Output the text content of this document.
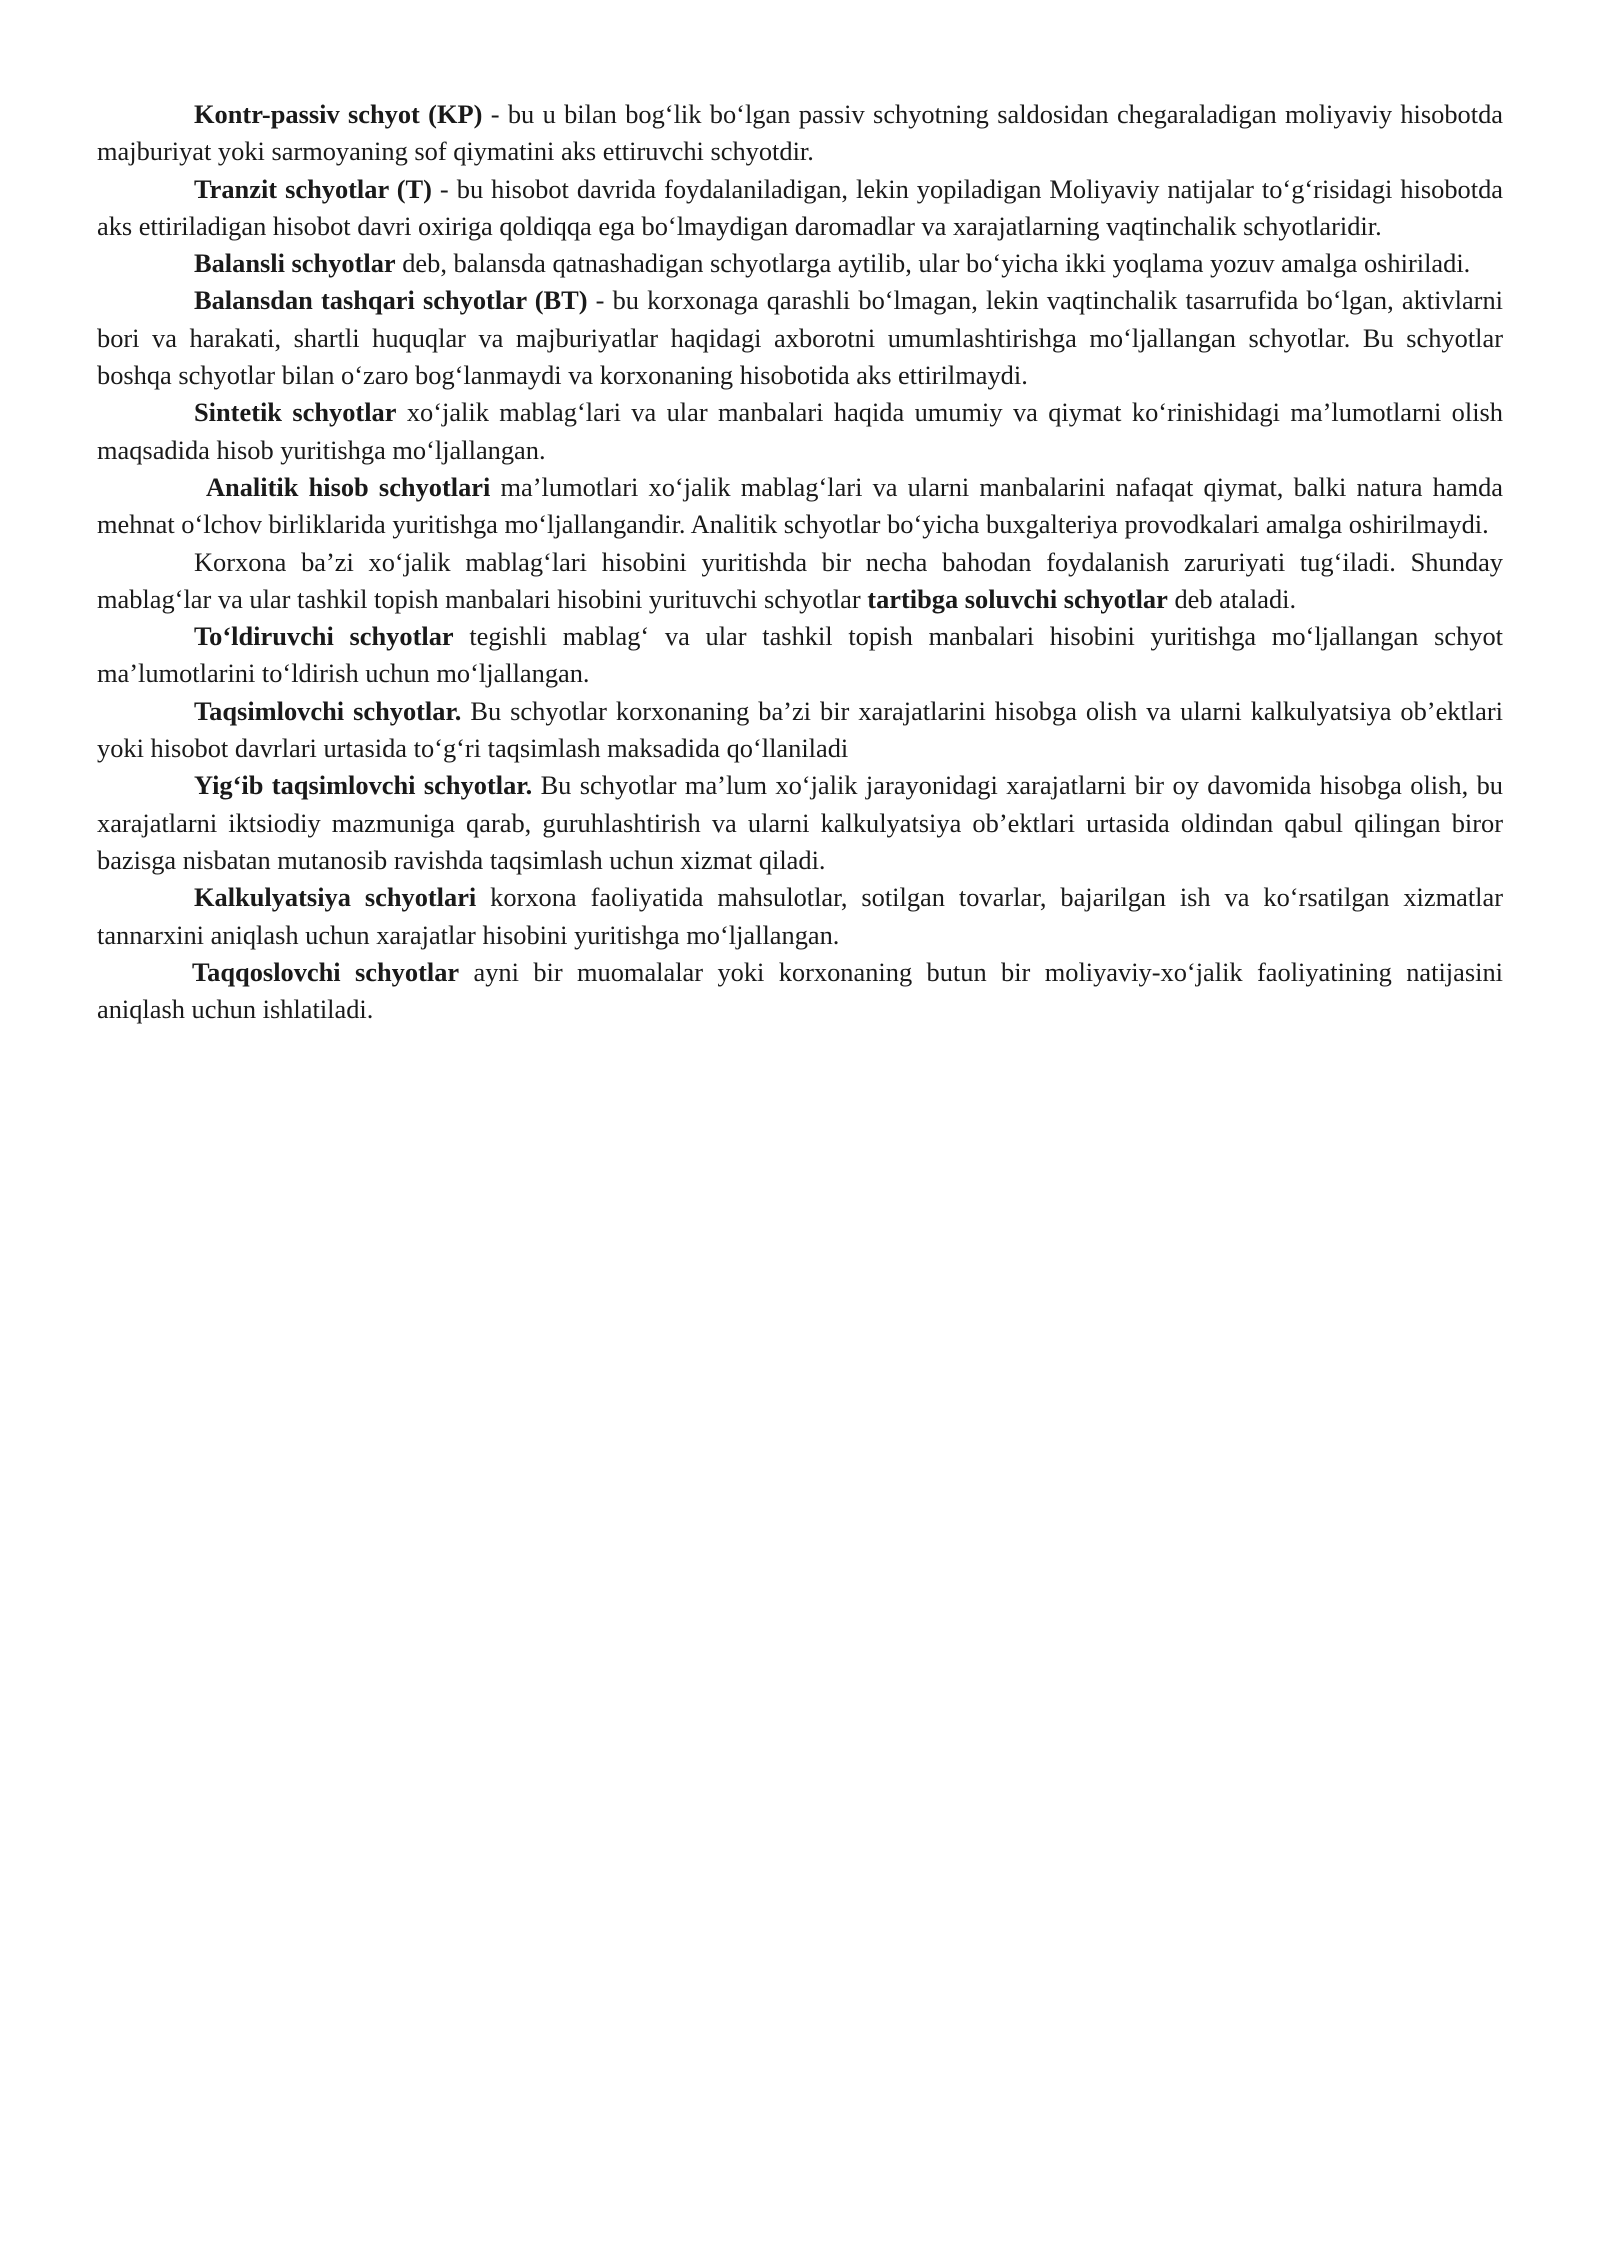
Kontr-passiv schyot (KP) - bu u bilan bog‘lik bo‘lgan passiv schyotning saldosidan chegaraladigan moliyaviy hisobotda majburiyat yoki sarmoyaning sof qiymatini aks ettiruvchi schyotdir.

Tranzit schyotlar (T) - bu hisobot davrida foydalaniladigan, lekin yopiladigan Moliyaviy natijalar to‘g‘risidagi hisobotda aks ettiriladigan hisobot davri oxiriga qoldiqqa ega bo‘lmaydigan daromadlar va xarajatlarning vaqtinchalik schyotlaridir.

Balansli schyotlar deb, balansda qatnashadigan schyotlarga aytilib, ular bo‘yicha ikki yoqlama yozuv amalga oshiriladi.

Balansdan tashqari schyotlar (BT) - bu korxonaga qarashli bo‘lmagan, lekin vaqtinchalik tasarrufida bo‘lgan, aktivlarni bori va harakati, shartli huquqlar va majburiyatlar haqidagi axborotni umumlashtirishga mo‘ljallangan schyotlar. Bu schyotlar boshqa schyotlar bilan o‘zaro bog‘lanmaydi va korxonaning hisobotida aks ettirilmaydi.

Sintetik schyotlar xo‘jalik mablag‘lari va ular manbalari haqida umumiy va qiymat ko‘rinishidagi ma’lumotlarni olish maqsadida hisob yuritishga mo‘ljallangan.

Analitik hisob schyotlari ma’lumotlari xo‘jalik mablag‘lari va ularni manbalarini nafaqat qiymat, balki natura hamda mehnat o‘lchov birliklarida yuritishga mo‘ljallangandir. Analitik schyotlar bo‘yicha buxgalteriya provodkalari amalga oshirilmaydi.

Korxona ba’zi xo‘jalik mablag‘lari hisobini yuritishda bir necha bahodan foydalanish zaruriyati tug‘iladi. Shunday mablag‘lar va ular tashkil topish manbalari hisobini yurituvchi schyotlar tartibga soluvchi schyotlar deb ataladi.

To‘ldiruvchi schyotlar tegishli mablag‘ va ular tashkil topish manbalari hisobini yuritishga mo‘ljallangan schyot ma’lumotlarini to‘ldirish uchun mo‘ljallangan.

Taqsimlovchi schyotlar. Bu schyotlar korxonaning ba’zi bir xarajatlarini hisobga olish va ularni kalkulyatsiya ob’ektlari yoki hisobot davrlari urtasida to‘g‘ri taqsimlash maksadida qo‘llaniladi

Yig‘ib taqsimlovchi schyotlar. Bu schyotlar ma’lum xo‘jalik jarayonidagi xarajatlarni bir oy davomida hisobga olish, bu xarajatlarni iktsiodiy mazmuniga qarab, guruhlashtirish va ularni kalkulyatsiya ob’ektlari urtasida oldindan qabul qilingan biror bazisga nisbatan mutanosib ravishda taqsimlash uchun xizmat qiladi.

Kalkulyatsiya schyotlari korxona faoliyatida mahsulotlar, sotilgan tovarlar, bajarilgan ish va ko‘rsatilgan xizmatlar tannarxini aniqlash uchun xarajatlar hisobini yuritishga mo‘ljallangan.

Taqqoslovchi schyotlar ayni bir muomalalar yoki korxonaning butun bir moliyaviy-xo‘jalik faoliyatining natijasini aniqlash uchun ishlatiladi.
